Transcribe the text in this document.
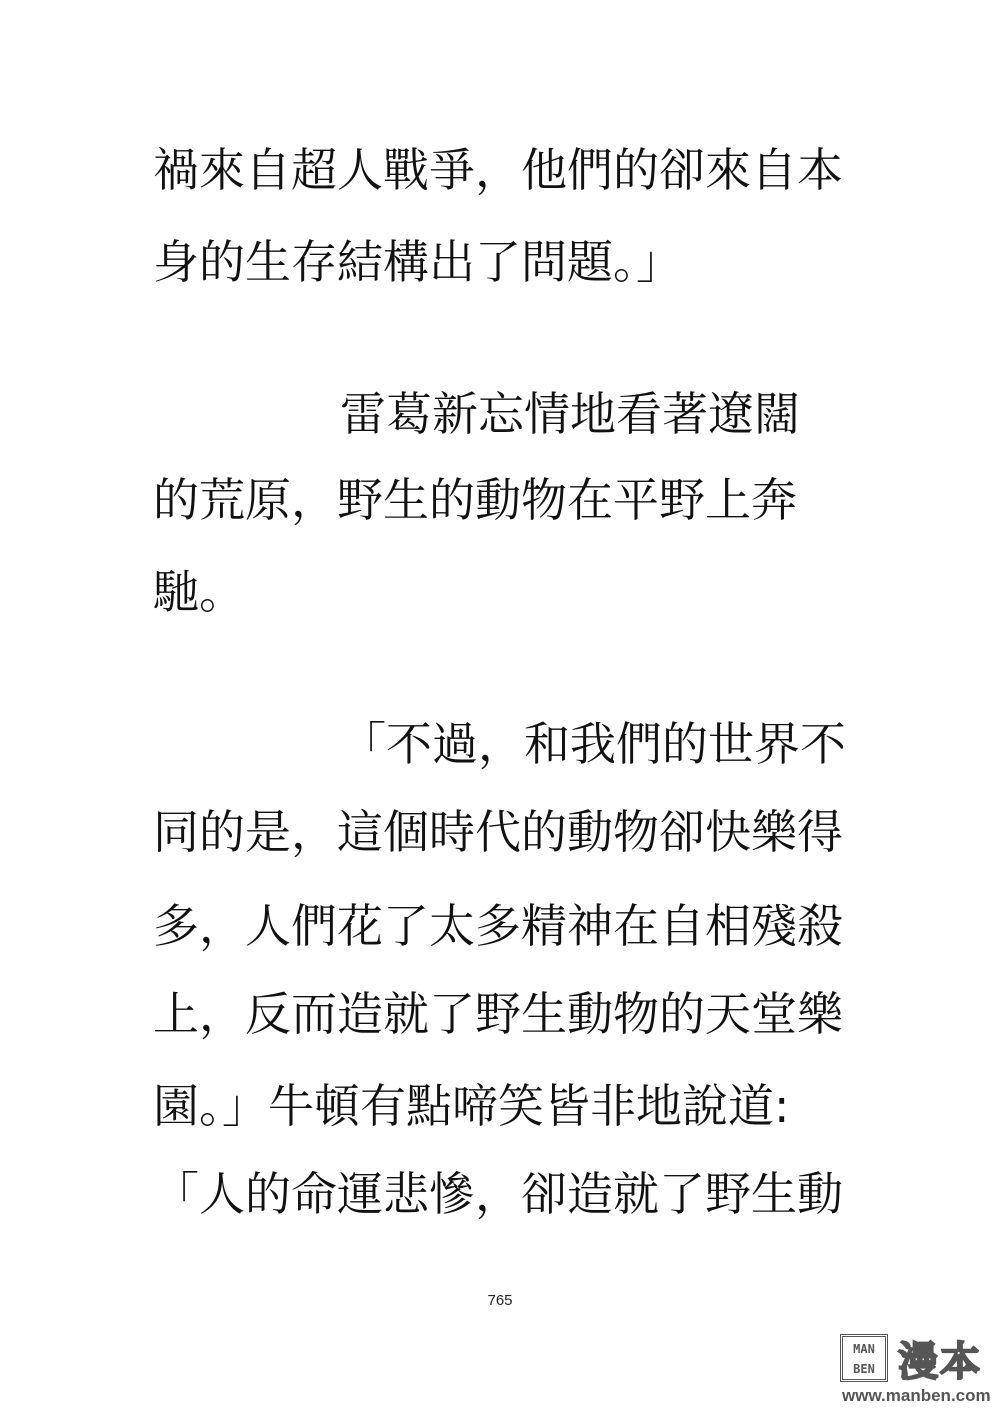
禍來自超人戰爭，他們的卻來自本

身的生存結構出了問題。」

雷葛新忘情地看著遼闊

的荒原，野生的動物在平野上奔

馳。

「不過，和我們的世界不

同的是，這個時代的動物卻快樂得

多，人們花了太多精神在自相殘殺

上，反而造就了野生動物的天堂樂

園。」牛頓有點啼笑皆非地說道:

「人的命運悲慘，卻造就了野生動

765
MAN
BEN 漫本
www.manben.com
